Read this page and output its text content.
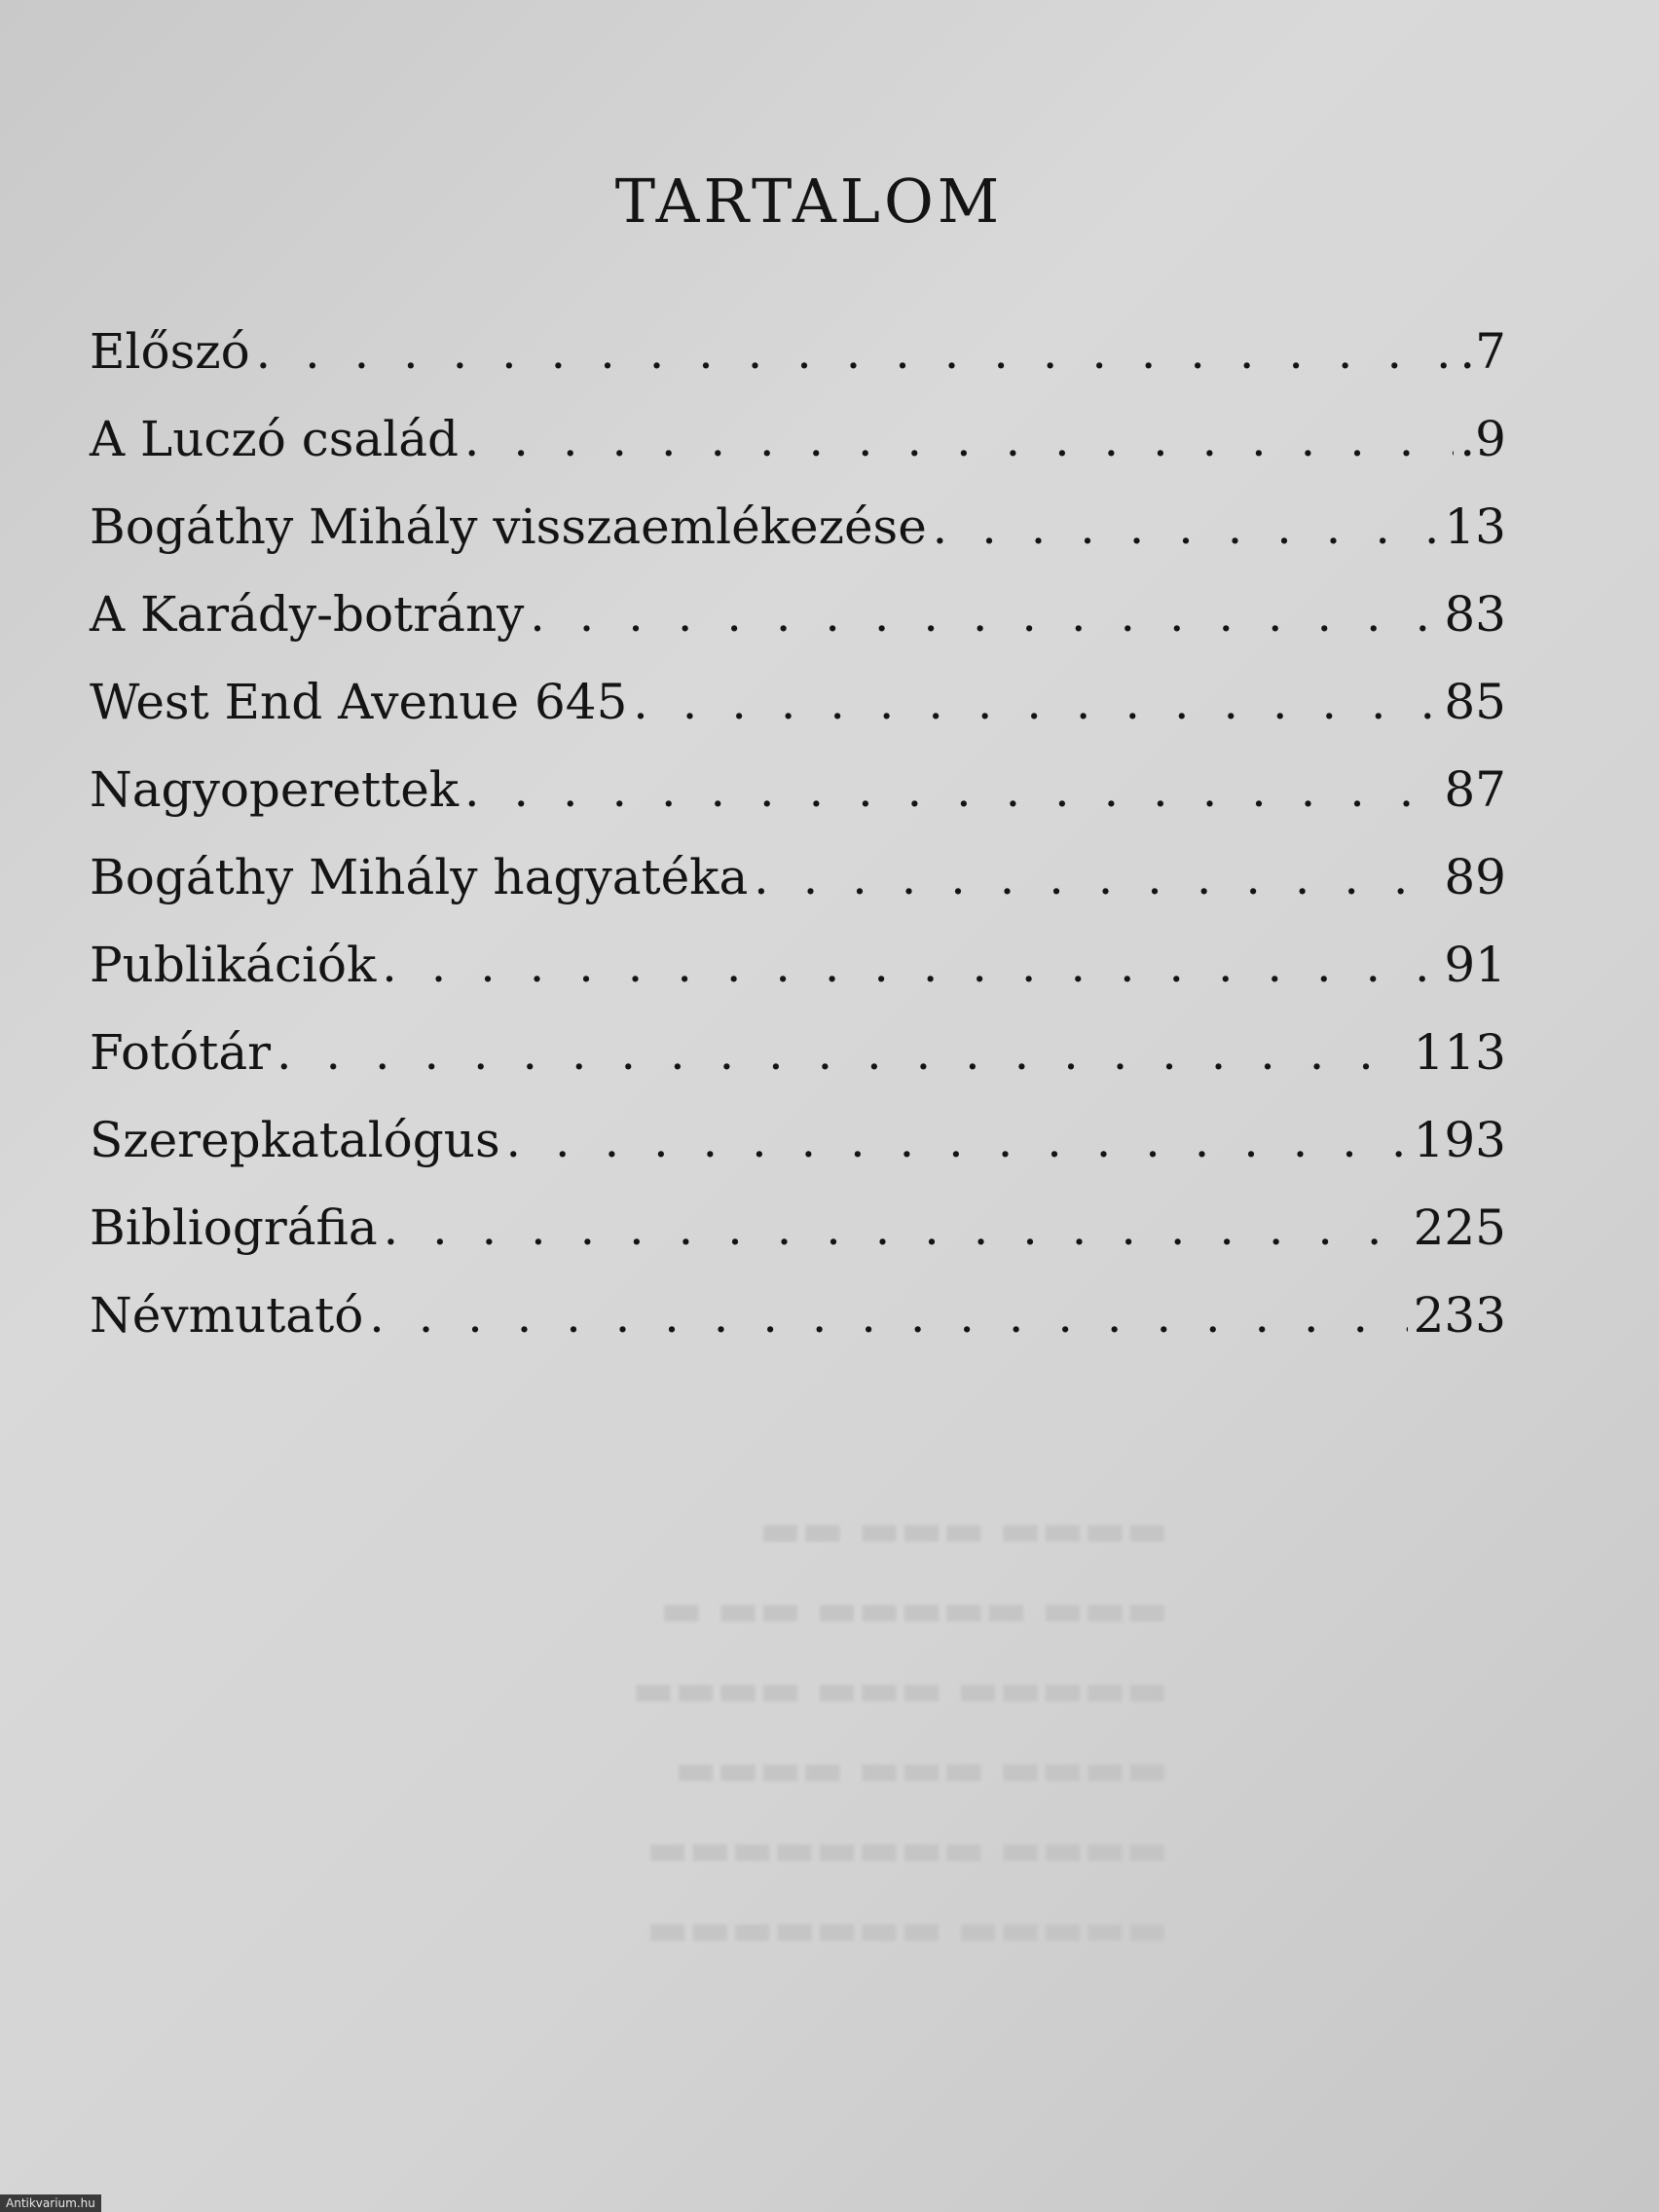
TARTALOM
Előszó . . .	.7
A Luczó család . . .	.9
Bogáthy Mihály visszaemlékezése . . .	13
A Karády-botrány . . .	83
West End Avenue 645 . . .	85
Nagyoperettek . . .	87
Bogáthy Mihály hagyatéka . . .	89
Publikációk . . .	91
Fotótár . . .	113
Szerepkatalógus . . .	193
Bibliográfia . . .	225
Névmutató . . .	233
▬▬▬▬ ▬▬▬ ▬▬
▬▬▬ ▬▬▬▬▬ ▬▬ ▬
▬▬▬▬▬ ▬▬▬ ▬▬▬▬
▬▬▬▬ ▬▬▬ ▬▬▬▬
▬▬▬▬ ▬▬▬▬▬▬▬▬
▬▬▬▬▬ ▬▬▬▬▬▬▬
Antikvarium.hu
